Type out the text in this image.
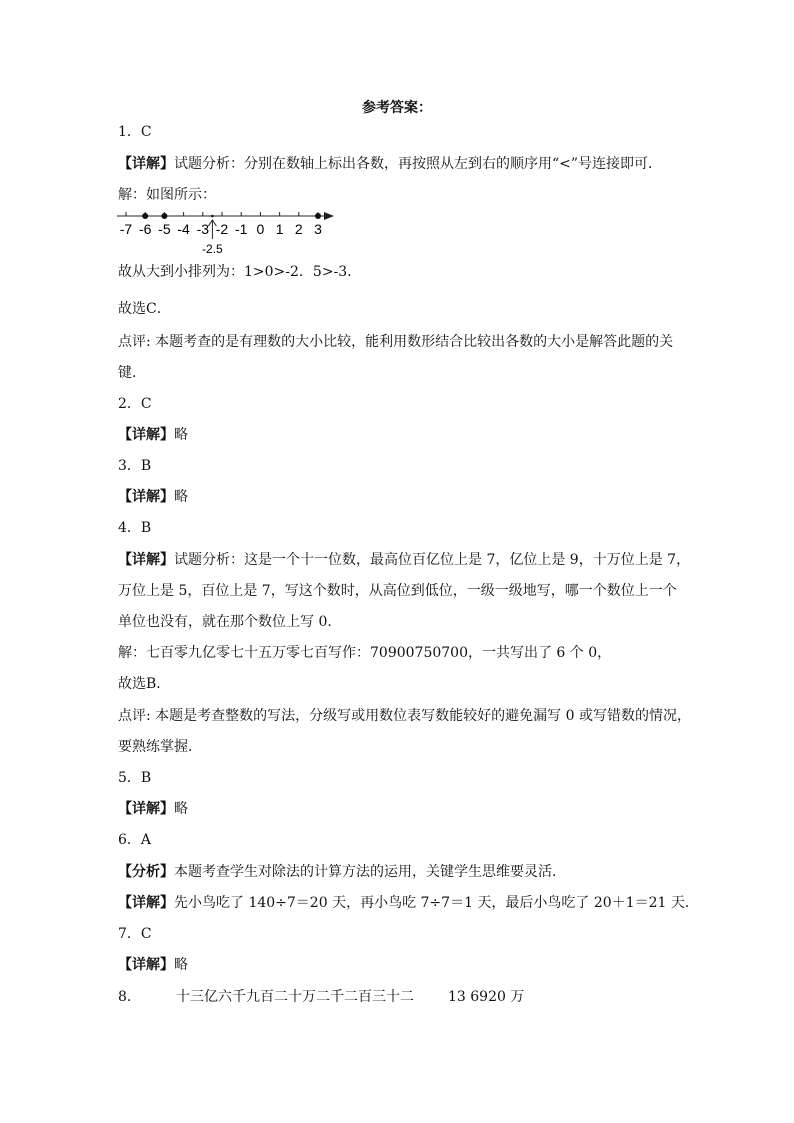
参考答案：
1．C
【详解】试题分析：分别在数轴上标出各数，再按照从左到右的顺序用“<”号连接即可．
解：如图所示：
-7 -6 -5 -4 -3 -2 -1 0 1 2 3
-2.5
故从大到小排列为：1>0>-2．5>-3．
故选C．
点评: 本题考查的是有理数的大小比较，能利用数形结合比较出各数的大小是解答此题的关
键．
2．C
【详解】略
3．B
【详解】略
4．B
【详解】试题分析：这是一个十一位数，最高位百亿位上是 7，亿位上是 9，十万位上是 7，
万位上是 5，百位上是 7，写这个数时，从高位到低位，一级一级地写，哪一个数位上一个
单位也没有，就在那个数位上写 0．
解：七百零九亿零七十五万零七百写作：70900750700，一共写出了 6 个 0，
故选B．
点评: 本题是考查整数的写法，分级写或用数位表写数能较好的避免漏写 0 或写错数的情况，
要熟练掌握．
5．B
【详解】略
6．A
【分析】本题考查学生对除法的计算方法的运用，关键学生思维要灵活．
【详解】先小鸟吃了 140÷7＝20 天，再小鸟吃 7÷7＝1 天，最后小鸟吃了 20＋1＝21 天．
7．C
【详解】略
8．	十三亿六千九百二十万二千二百三十二 13 6920 万
